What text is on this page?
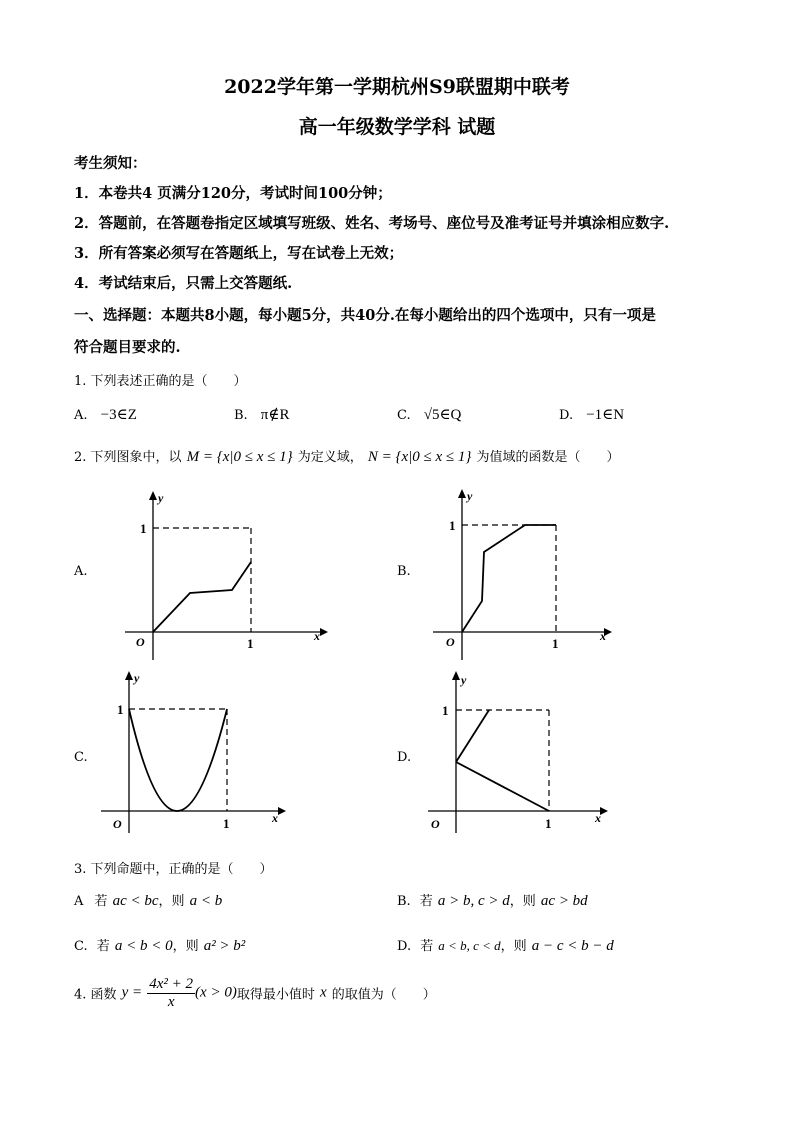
2022学年第一学期杭州S9联盟期中联考
高一年级数学学科 试题
考生须知：
1．本卷共4 页满分120分，考试时间100分钟；
2．答题前，在答题卷指定区域填写班级、姓名、考场号、座位号及准考证号并填涂相应数字.
3．所有答案必须写在答题纸上，写在试卷上无效；
4．考试结束后，只需上交答题纸.
一、选择题：本题共8小题，每小题5分，共40分.在每小题给出的四个选项中，只有一项是
符合题目要求的.
1. 下列表述正确的是（　　）
A. −3∈Z	B. π∉R	C. √5∈Q	D. −1∈N
2. 下列图象中，以 M = {x|0 ≤ x ≤ 1} 为定义域， N = {x|0 ≤ x ≤ 1} 为值域的函数是（　　）
A.	B.
C.	D.
y
x
O
1
1
y
x
O
1
1
y
x
O
1
1
y
x
O
1
1
3. 下列命题中，正确的是（　　）
A 若 ac < bc，则 a < b	B. 若 a > b, c > d，则 ac > bd
C. 若 a < b < 0，则 a² > b²	D. 若 a < b, c < d，则 a − c < b − d
4. 函数 $y = \frac{\text{4x² + 2}}{x} (x > 0)$取得最小值时 x 的取值为（　　）
